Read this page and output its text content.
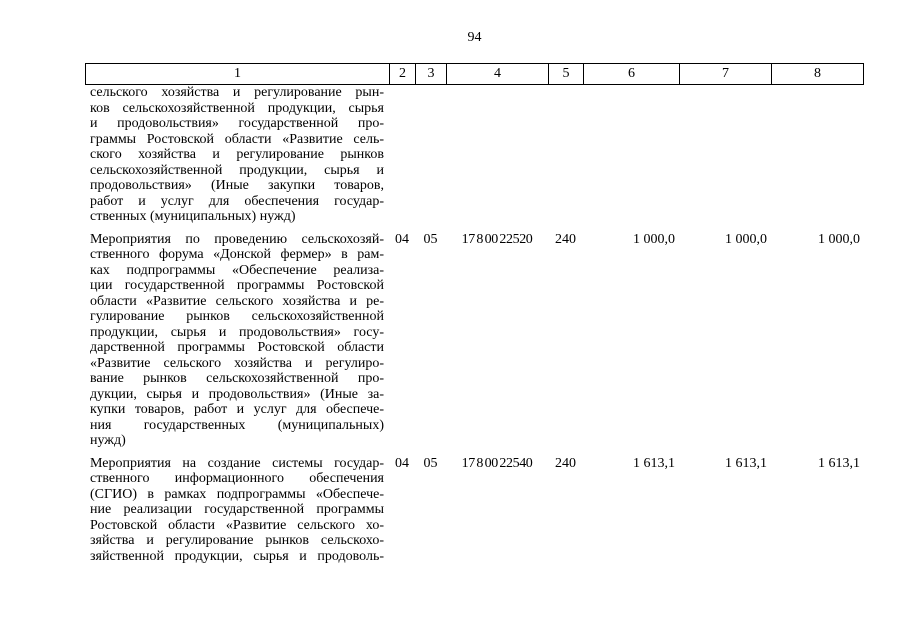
94
1	2	3	4	5	6	7	8
сельского хозяйства и регулирование рын-
ков сельскохозяйственной продукции, сырья
и продовольствия» государственной про-
граммы Ростовской области «Развитие сель-
ского хозяйства и регулирование рынков
сельскохозяйственной продукции, сырья и
продовольствия» (Иные закупки товаров,
работ и услуг для обеспечения государ-
ственных (муниципальных) нужд)
Мероприятия по проведению сельскохозяй-
ственного форума «Донской фермер» в рам-
ках подпрограммы «Обеспечение реализа-
ции государственной программы Ростовской
области «Развитие сельского хозяйства и ре-
гулирование рынков сельскохозяйственной
продукции, сырья и продовольствия» госу-
дарственной программы Ростовской области
«Развитие сельского хозяйства и регулиро-
вание рынков сельскохозяйственной про-
дукции, сырья и продовольствия» (Иные за-
купки товаров, работ и услуг для обеспече-
ния государственных (муниципальных)
нужд)
04	05	17 8 00 22520	240	1 000,0	1 000,0	1 000,0
Мероприятия на создание системы государ-
ственного информационного обеспечения
(СГИО) в рамках подпрограммы «Обеспече-
ние реализации государственной программы
Ростовской области «Развитие сельского хо-
зяйства и регулирование рынков сельскохо-
зяйственной продукции, сырья и продоволь-
04	05	17 8 00 22540	240	1 613,1	1 613,1	1 613,1
